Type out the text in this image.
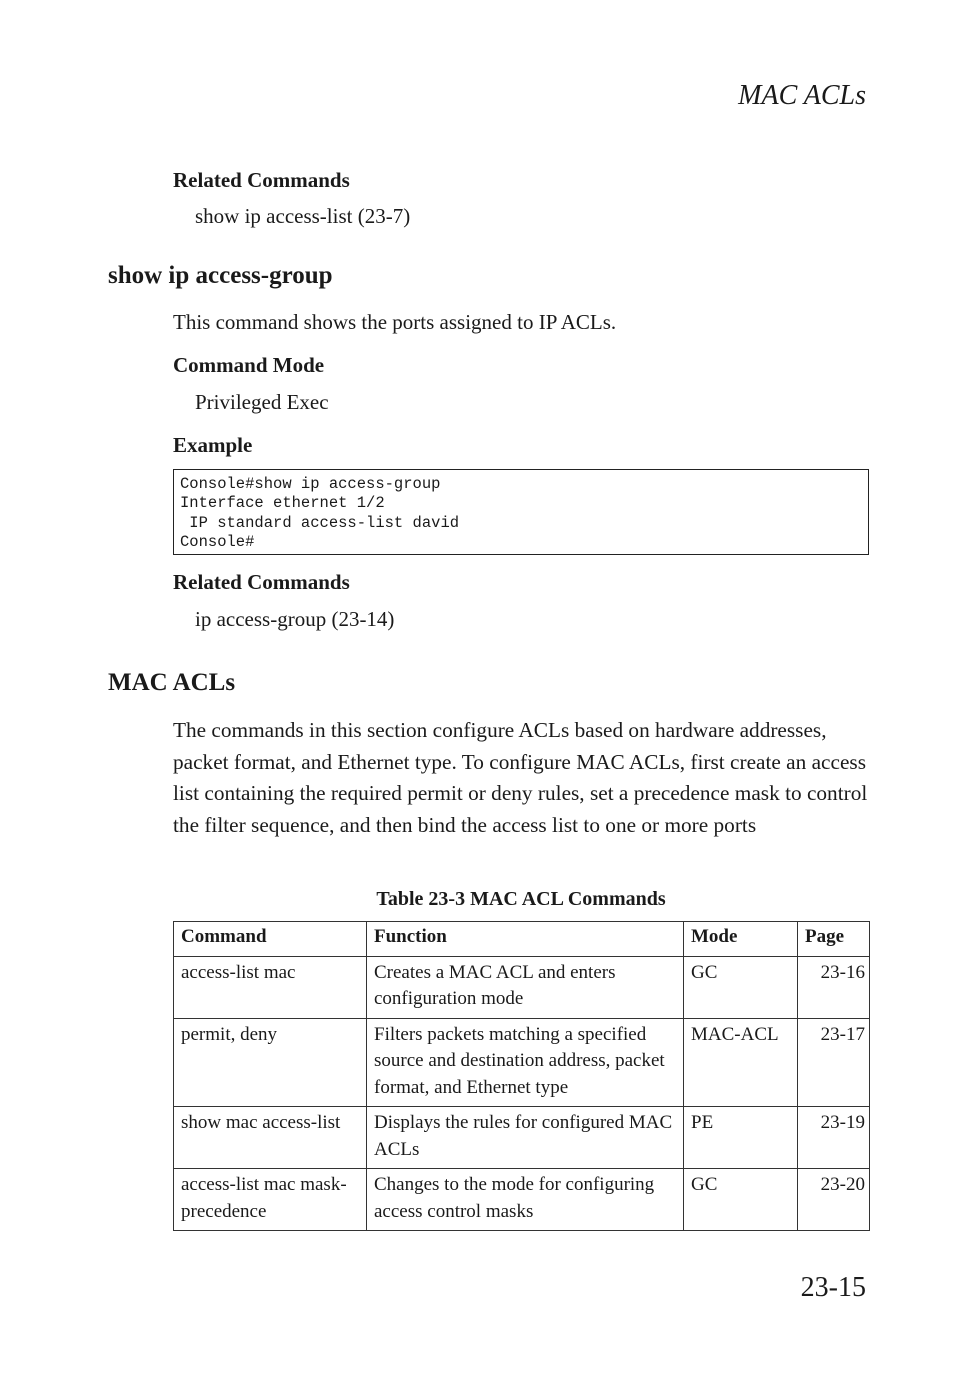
MAC ACLs
Related Commands
show ip access-list (23-7)
show ip access-group
This command shows the ports assigned to IP ACLs.
Command Mode
Privileged Exec
Example
Console#show ip access-group
Interface ethernet 1/2
IP standard access-list david
Console#
Related Commands
ip access-group (23-14)
MAC ACLs
The commands in this section configure ACLs based on hardware addresses, packet format, and Ethernet type. To configure MAC ACLs, first create an access list containing the required permit or deny rules, set a precedence mask to control the filter sequence, and then bind the access list to one or more ports
Table 23-3 MAC ACL Commands
Command	Function	Mode	Page
access-list mac	Creates a MAC ACL and enters configuration mode	GC	23-16
permit, deny	Filters packets matching a specified source and destination address, packet format, and Ethernet type	MAC-ACL	23-17
show mac access-list	Displays the rules for configured MAC ACLs	PE	23-19
access-list mac mask-precedence	Changes to the mode for configuring access control masks	GC	23-20
23-15
